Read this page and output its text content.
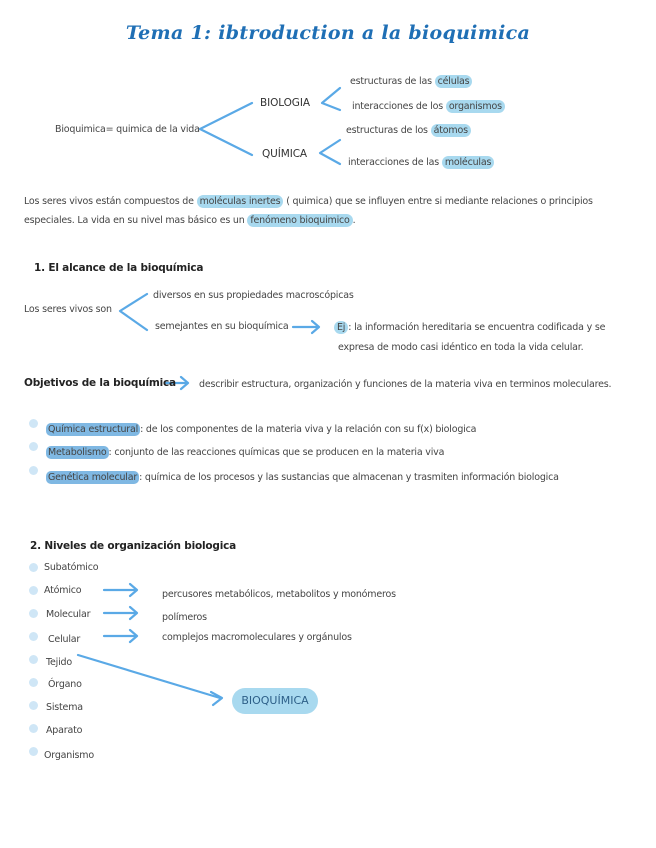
Tema 1: ibtroduction a la bioquimica
Bioquimica= quimica de la vida
BIOLOGIA
QUÍMICA
estructuras de las células
interacciones de los organismos
estructuras de los átomos
interacciones de las moléculas
Los seres vivos están compuestos de moléculas inertes ( quimica) que se influyen entre si mediante relaciones o principios especiales. La vida en su nivel mas básico es un fenómeno bioquimico .
1. El alcance de la bioquímica
Los seres vivos son
diversos en sus propiedades macroscópicas
semejantes en su bioquímica	Ej : la información hereditaria se encuentra codificada y se
expresa de modo casi idéntico en toda la vida celular.
Objetivos de la bioquímica describir estructura, organización y funciones de la materia viva en terminos moleculares.
Química estructural : de los componentes de la materia viva y la relación con su f(x) biologica
Metabolismo : conjunto de las reacciones químicas que se producen en la materia viva
Genética molecular : química de los procesos y las sustancias que almacenan y trasmiten información biologica
2. Niveles de organización biologica
Subatómico
Atómico
Molecular
Celular
Tejido
Órgano
Sistema
Aparato
Organismo
percusores metabólicos, metabolitos y monómeros
polímeros
complejos macromoleculares y orgánulos
BIOQUÍMICA
